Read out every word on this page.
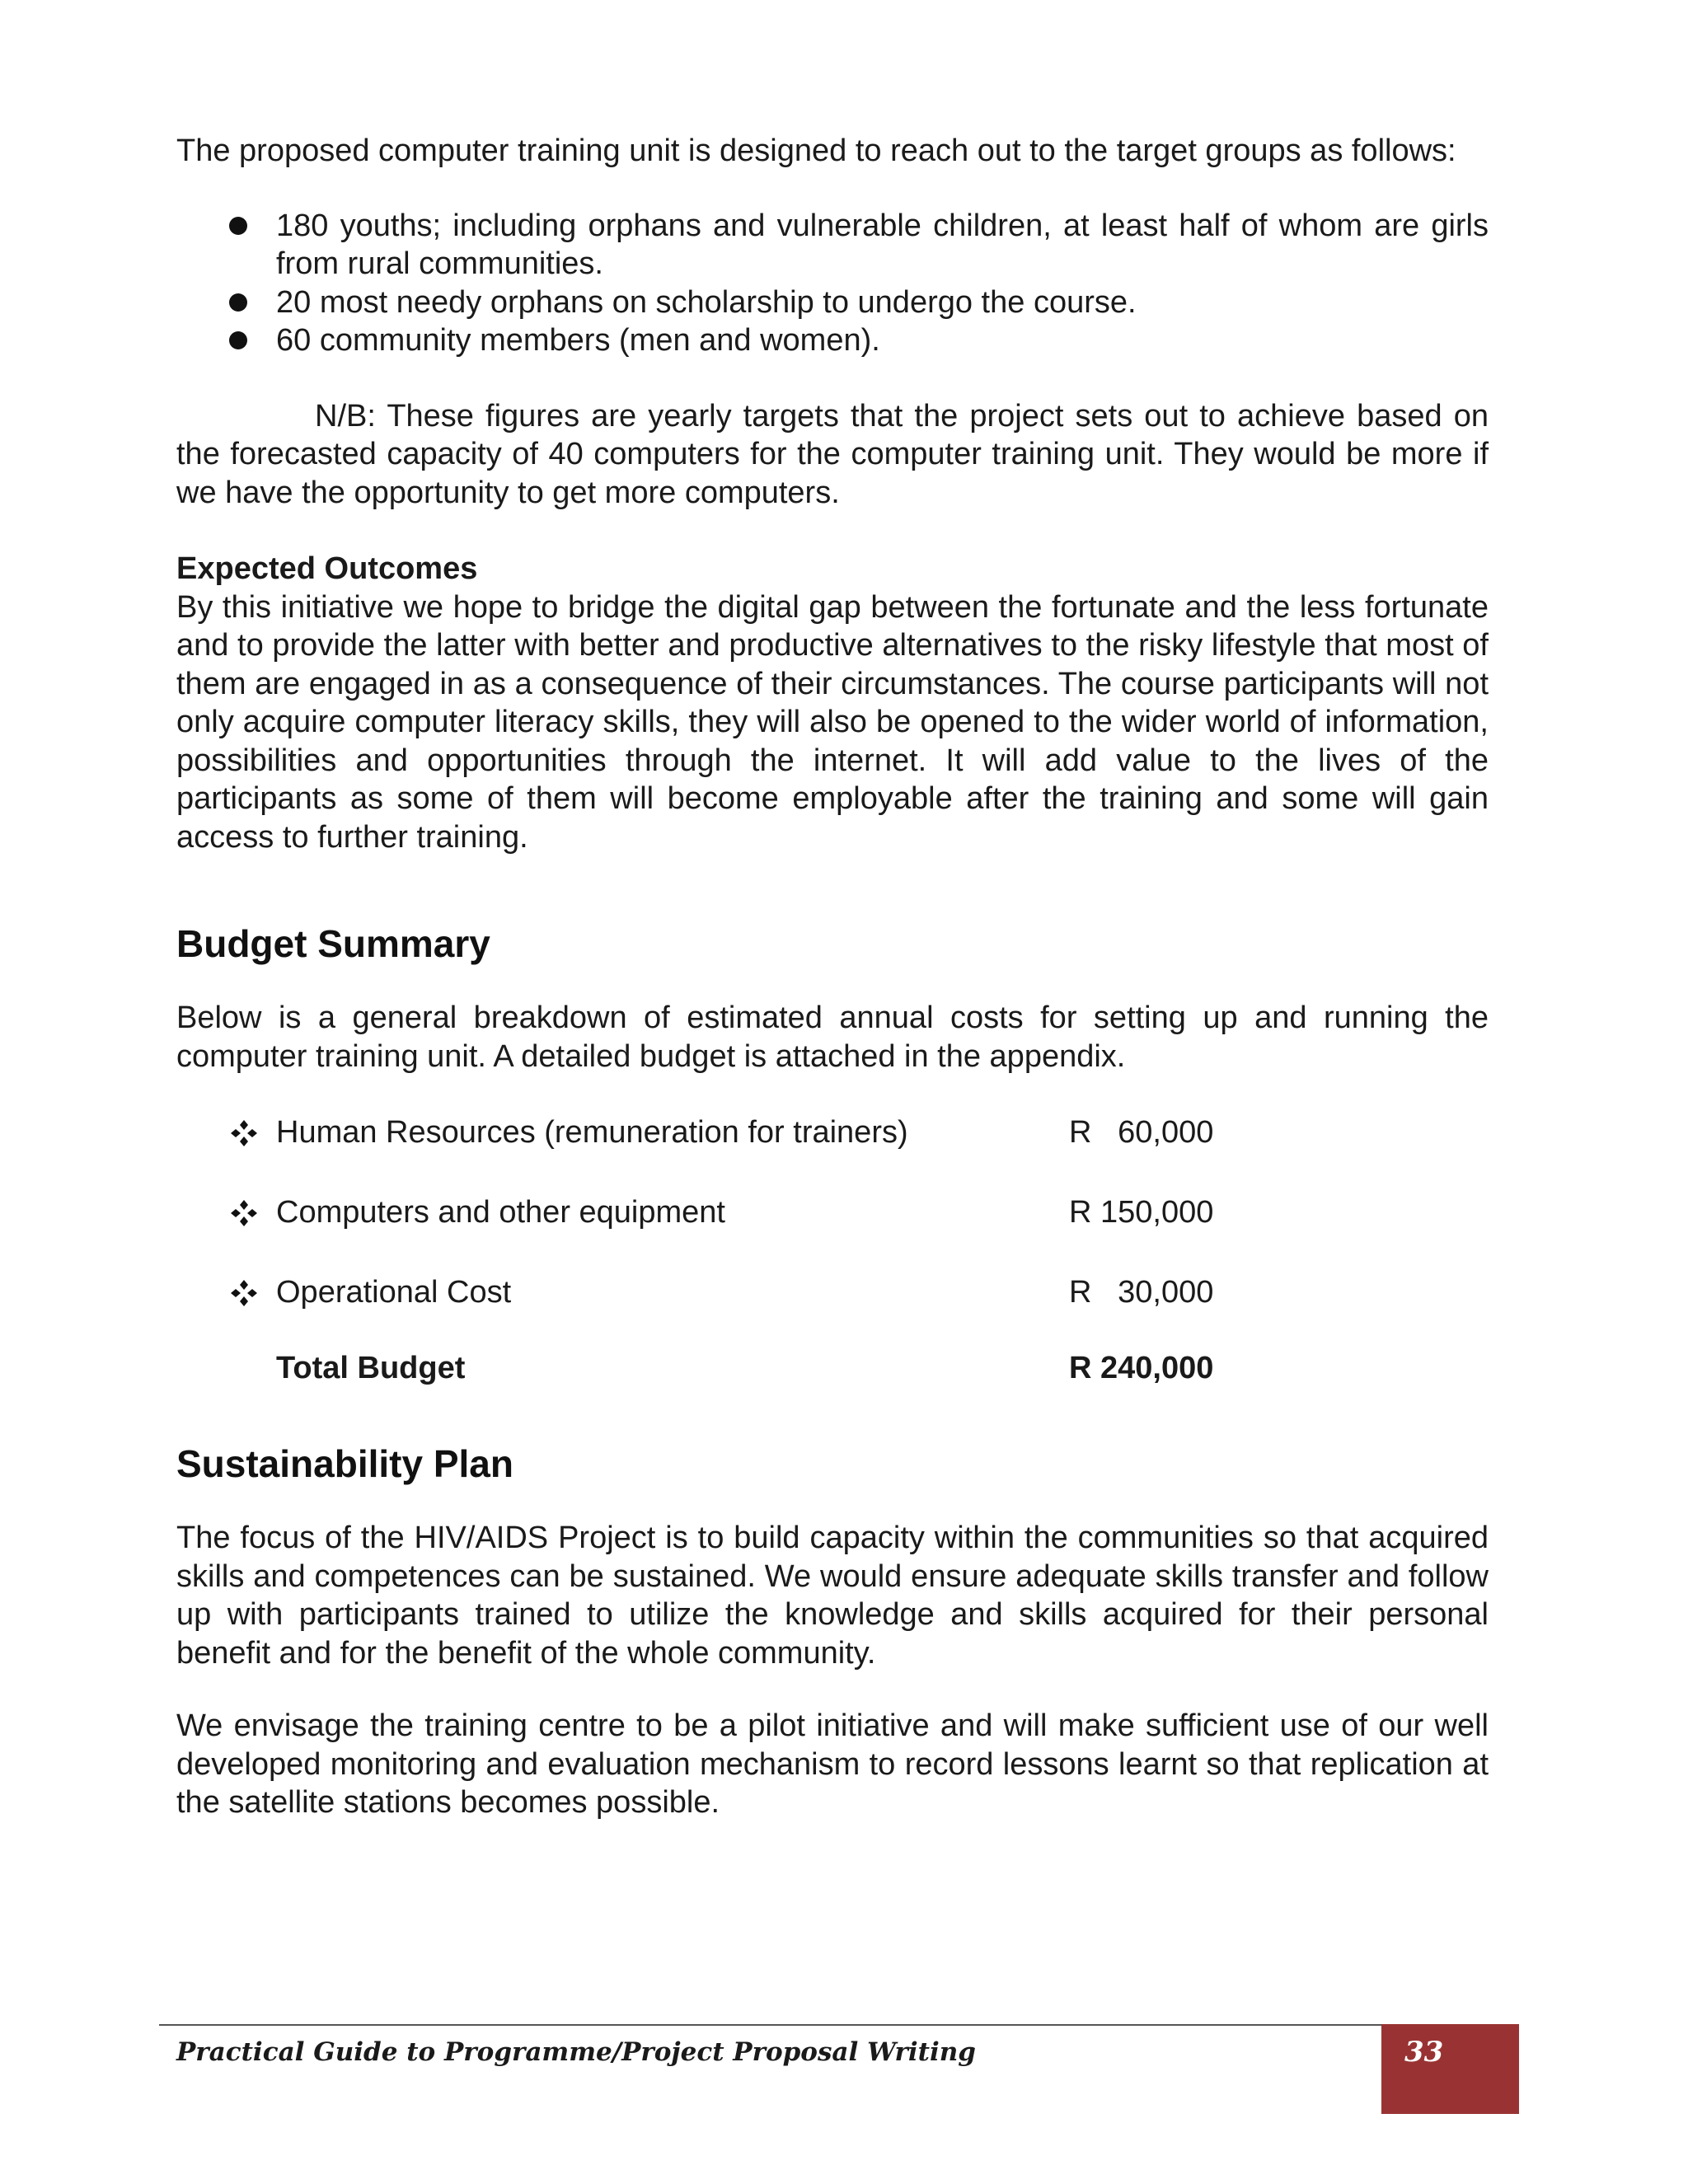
The proposed computer training unit is designed to reach out to the target groups as follows:

180 youths; including orphans and vulnerable children, at least half of whom are girls from rural communities.
20 most needy orphans on scholarship to undergo the course.
60 community members (men and women).

N/B: These figures are yearly targets that the project sets out to achieve based on the forecasted capacity of 40 computers for the computer training unit. They would be more if we have the opportunity to get more computers.

Expected Outcomes

By this initiative we hope to bridge the digital gap between the fortunate and the less fortunate and to provide the latter with better and productive alternatives to the risky lifestyle that most of them are engaged in as a consequence of their circumstances. The course participants will not only acquire computer literacy skills, they will also be opened to the wider world of information, possibilities and opportunities through the internet. It will add value to the lives of the participants as some of them will become employable after the training and some will gain access to further training.

Budget Summary

Below is a general breakdown of estimated annual costs for setting up and running the computer training unit. A detailed budget is attached in the appendix.

Human Resources (remuneration for trainers)	R   60,000
Computers and other equipment	R 150,000
Operational Cost	R   30,000
Total Budget	R 240,000
Sustainability Plan

The focus of the HIV/AIDS Project is to build capacity within the communities so that acquired skills and competences can be sustained. We would ensure adequate skills transfer and follow up with participants trained to utilize the knowledge and skills acquired for their personal benefit and for the benefit of the whole community.

We envisage the training centre to be a pilot initiative and will make sufficient use of our well developed monitoring and evaluation mechanism to record lessons learnt so that replication at the satellite stations becomes possible.

Practical Guide to Programme/Project Proposal Writing	33
